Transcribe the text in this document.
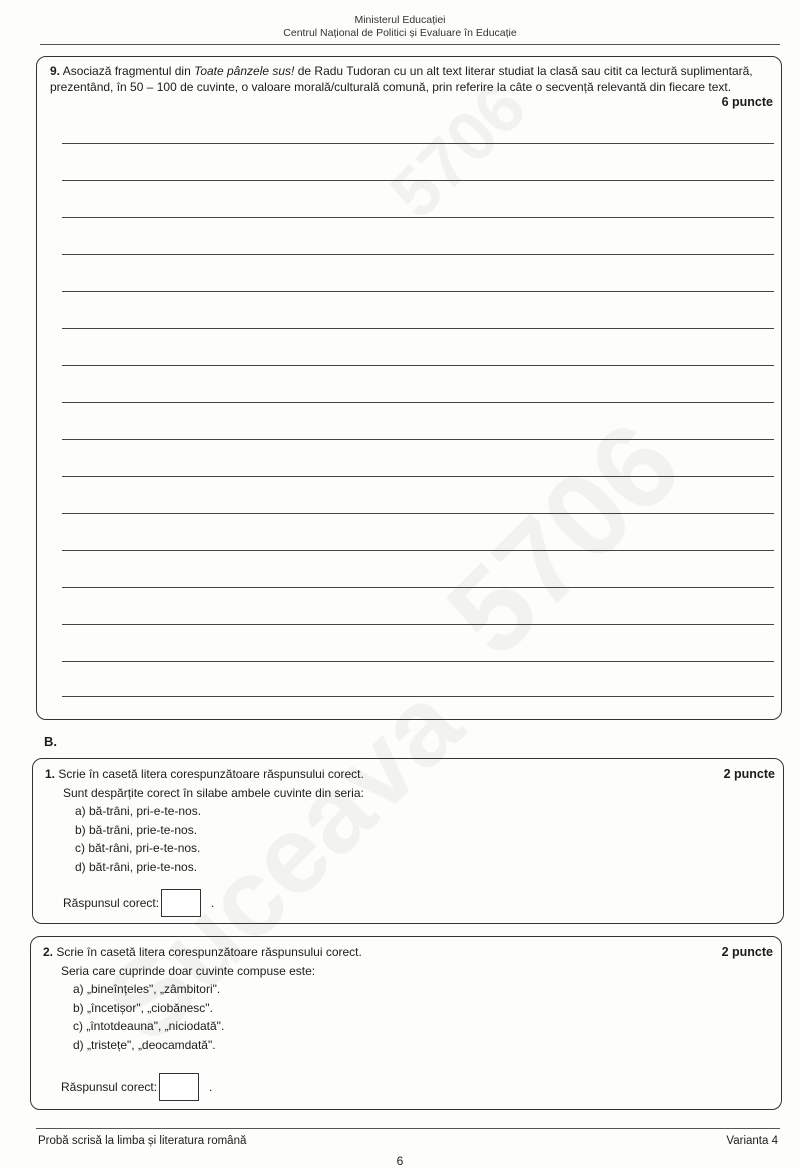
Ministerul Educației
Centrul Național de Politici și Evaluare în Educație
9. Asociază fragmentul din Toate pânzele sus! de Radu Tudoran cu un alt text literar studiat la clasă sau citit ca lectură suplimentară, prezentând, în 50 – 100 de cuvinte, o valoare morală/culturală comună, prin referire la câte o secvență relevantă din fiecare text.
6 puncte
B.
1. Scrie în casetă litera corespunzătoare răspunsului corect.
Sunt despărțite corect în silabe ambele cuvinte din seria:
a) bă-trâni, pri-e-te-nos.
b) bă-trâni, prie-te-nos.
c) băt-râni, pri-e-te-nos.
d) băt-râni, prie-te-nos.
2 puncte
Răspunsul corect:	.
2. Scrie în casetă litera corespunzătoare răspunsului corect.
Seria care cuprinde doar cuvinte compuse este:
a) „bineînțeles", „zâmbitori".
b) „încetișor", „ciobănesc".
c) „întotdeauna", „niciodată".
d) „tristețe", „deocamdată".
2 puncte
Răspunsul corect:	.
Probă scrisă la limba și literatura română	Varianta 4
6
